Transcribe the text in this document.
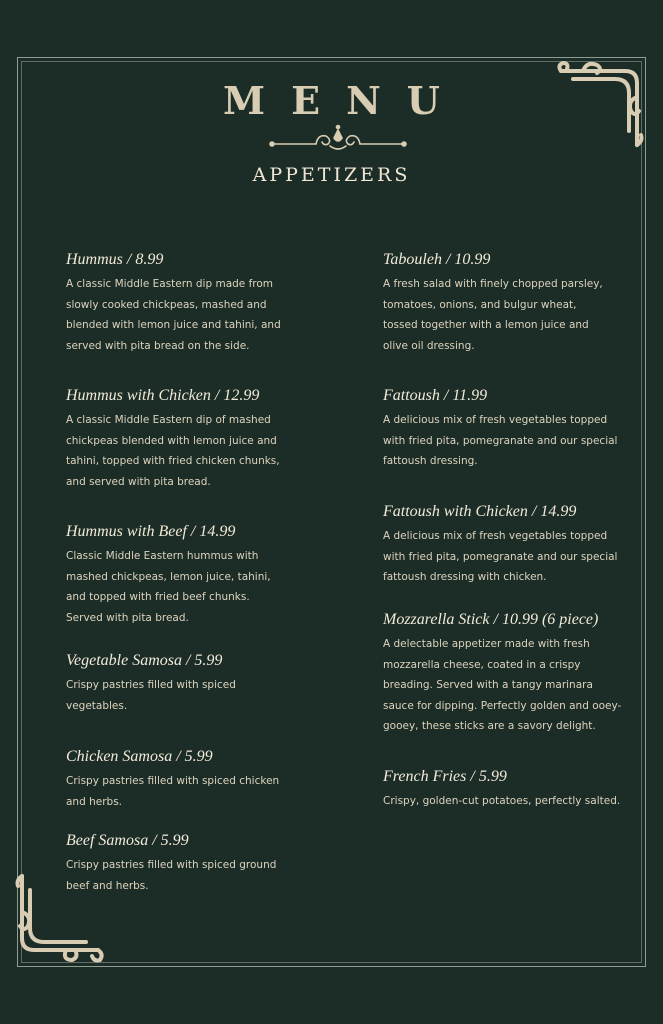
MENU
APPETIZERS

Hummus / 8.99

A classic Middle Eastern dip made from slowly cooked chickpeas, mashed and blended with lemon juice and tahini, and served with pita bread on the side.

Hummus with Chicken / 12.99

A classic Middle Eastern dip of mashed chickpeas blended with lemon juice and tahini, topped with fried chicken chunks, and served with pita bread.

Hummus with Beef / 14.99

Classic Middle Eastern hummus with mashed chickpeas, lemon juice, tahini, and topped with fried beef chunks. Served with pita bread.

Vegetable Samosa / 5.99

Crispy pastries filled with spiced vegetables.

Chicken Samosa / 5.99

Crispy pastries filled with spiced chicken and herbs.

Beef Samosa / 5.99

Crispy pastries filled with spiced ground beef and herbs.

Tabouleh / 10.99

A fresh salad with finely chopped parsley, tomatoes, onions, and bulgur wheat, tossed together with a lemon juice and olive oil dressing.

Fattoush / 11.99

A delicious mix of fresh vegetables topped with fried pita, pomegranate and our special fattoush dressing.

Fattoush with Chicken / 14.99

A delicious mix of fresh vegetables topped with fried pita, pomegranate and our special fattoush dressing with chicken.

Mozzarella Stick / 10.99 (6 piece)

A delectable appetizer made with fresh mozzarella cheese, coated in a crispy breading. Served with a tangy marinara sauce for dipping. Perfectly golden and ooey-gooey, these sticks are a savory delight.

French Fries / 5.99

Crispy, golden-cut potatoes, perfectly salted.
